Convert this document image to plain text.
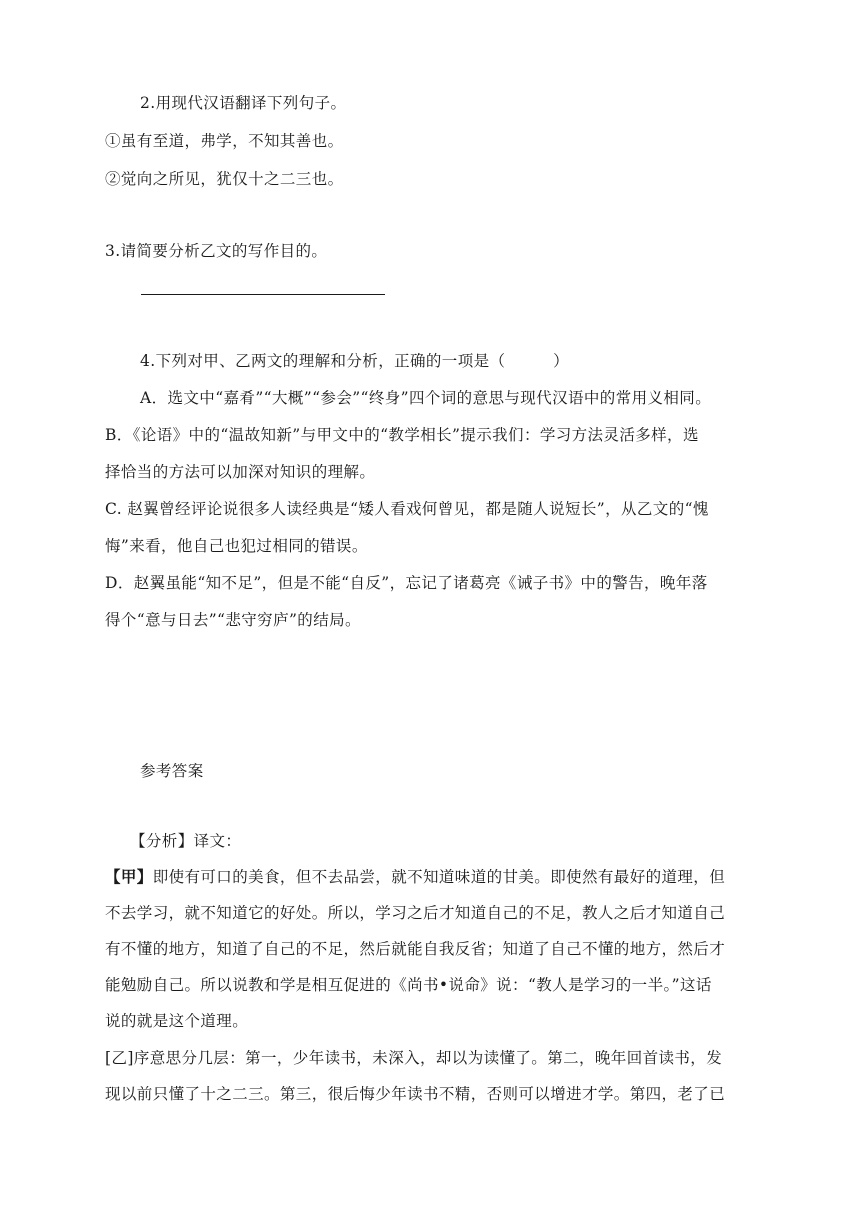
2.用现代汉语翻译下列句子。
①虽有至道，弗学，不知其善也。
②觉向之所见，犹仅十之二三也。
3.请简要分析乙文的写作目的。
4.下列对甲、乙两文的理解和分析，正确的一项是（　　　）
A．选文中“嘉肴”“大概”“参会”“终身”四个词的意思与现代汉语中的常用义相同。
B．《论语》中的“温故知新”与甲文中的“教学相长”提示我们：学习方法灵活多样，选
择恰当的方法可以加深对知识的理解。
C. 赵翼曾经评论说很多人读经典是“矮人看戏何曾见，都是随人说短长”，从乙文的“愧
悔”来看，他自己也犯过相同的错误。
D．赵翼虽能“知不足”，但是不能“自反”，忘记了诸葛亮《诫子书》中的警告，晚年落
得个“意与日去”“悲守穷庐”的结局。
参考答案
【分析】译文：
【甲】即使有可口的美食，但不去品尝，就不知道味道的甘美。即使然有最好的道理，但
不去学习，就不知道它的好处。所以，学习之后才知道自己的不足，教人之后才知道自己
有不懂的地方，知道了自己的不足，然后就能自我反省；知道了自己不懂的地方，然后才
能勉励自己。所以说教和学是相互促进的《尚书•说命》说：“教人是学习的一半。”这话
说的就是这个道理。
[乙]序意思分几层：第一，少年读书，未深入，却以为读懂了。第二，晚年回首读书，发
现以前只懂了十之二三。第三，很后悔少年读书不精，否则可以增进才学。第四，老了已
